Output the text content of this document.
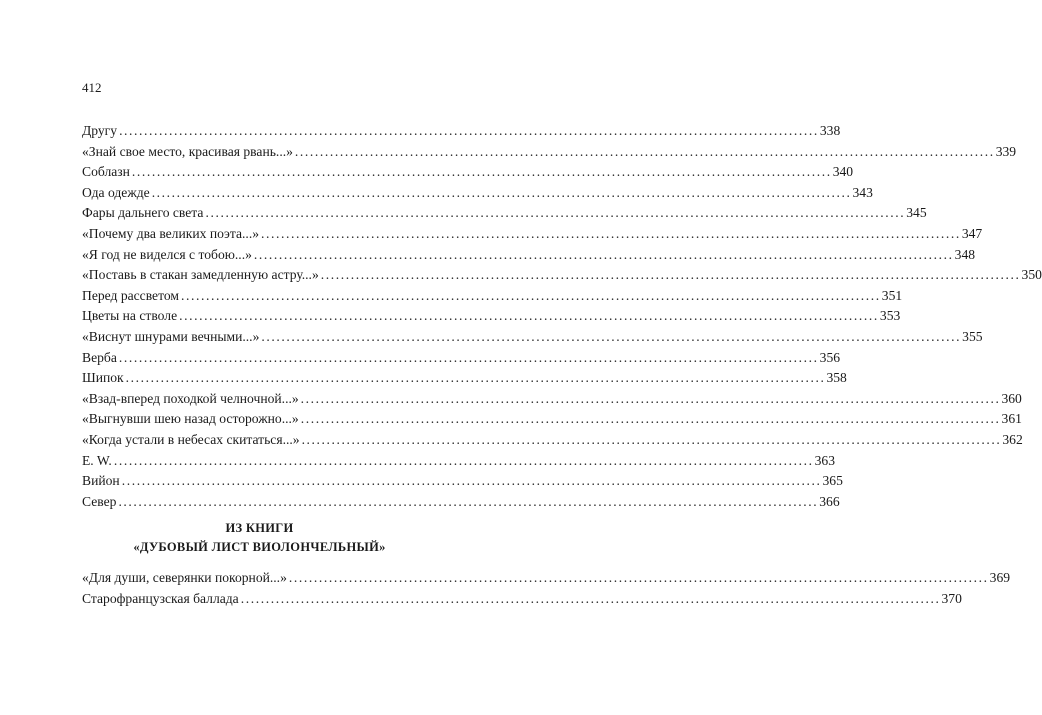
412
Другу ............................................................................................................................................ 338
«Знай свое место, красивая рвань...» ............................................................................................................................................ 339
Соблазн ............................................................................................................................................ 340
Ода одежде ............................................................................................................................................ 343
Фары дальнего света ............................................................................................................................................ 345
«Почему два великих поэта...» ............................................................................................................................................ 347
«Я год не виделся с тобою...» ............................................................................................................................................ 348
«Поставь в стакан замедленную астру...» ............................................................................................................................................ 350
Перед рассветом ............................................................................................................................................ 351
Цветы на стволе ............................................................................................................................................ 353
«Виснут шнурами вечными...» ............................................................................................................................................ 355
Верба ............................................................................................................................................ 356
Шипок ............................................................................................................................................ 358
«Взад-вперед походкой челночной...» ............................................................................................................................................ 360
«Выгнувши шею назад осторожно...» ............................................................................................................................................ 361
«Когда устали в небесах скитаться...» ............................................................................................................................................ 362
E. W. ............................................................................................................................................ 363
Вийон ............................................................................................................................................ 365
Север ............................................................................................................................................ 366
ИЗ КНИГИ
«ДУБОВЫЙ ЛИСТ ВИОЛОНЧЕЛЬНЫЙ»
«Для души, северянки покорной...» ............................................................................................................................................ 369
Старофранцузская баллада ............................................................................................................................................ 370
